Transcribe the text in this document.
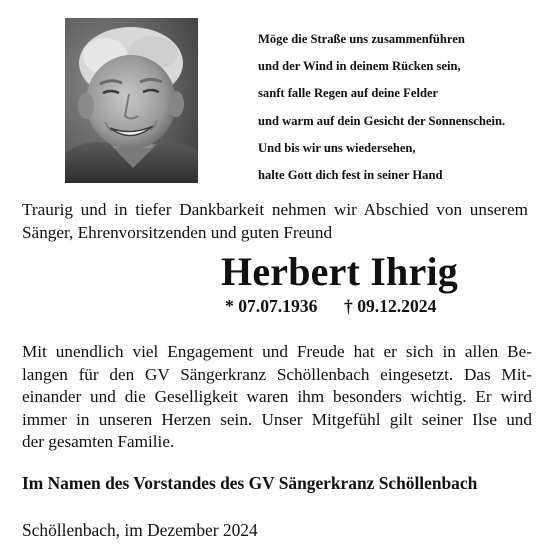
Möge die Straße uns zusammenführen
und der Wind in deinem Rücken sein,
sanft falle Regen auf deine Felder
und warm auf dein Gesicht der Sonnenschein.
Und bis wir uns wiedersehen,
halte Gott dich fest in seiner Hand
Traurig und in tiefer Dankbarkeit nehmen wir Abschied von unserem Sänger, Ehrenvorsitzenden und guten Freund
Herbert Ihrig
* 07.07.1936 † 09.12.2024
Mit unendlich viel Engagement und Freude hat er sich in allen Be-
langen für den GV Sängerkranz Schöllenbach eingesetzt. Das Mit-
einander und die Geselligkeit waren ihm besonders wichtig. Er wird
immer in unseren Herzen sein. Unser Mitgefühl gilt seiner Ilse und
der gesamten Familie.
Im Namen des Vorstandes des GV Sängerkranz Schöllenbach
Schöllenbach, im Dezember 2024
